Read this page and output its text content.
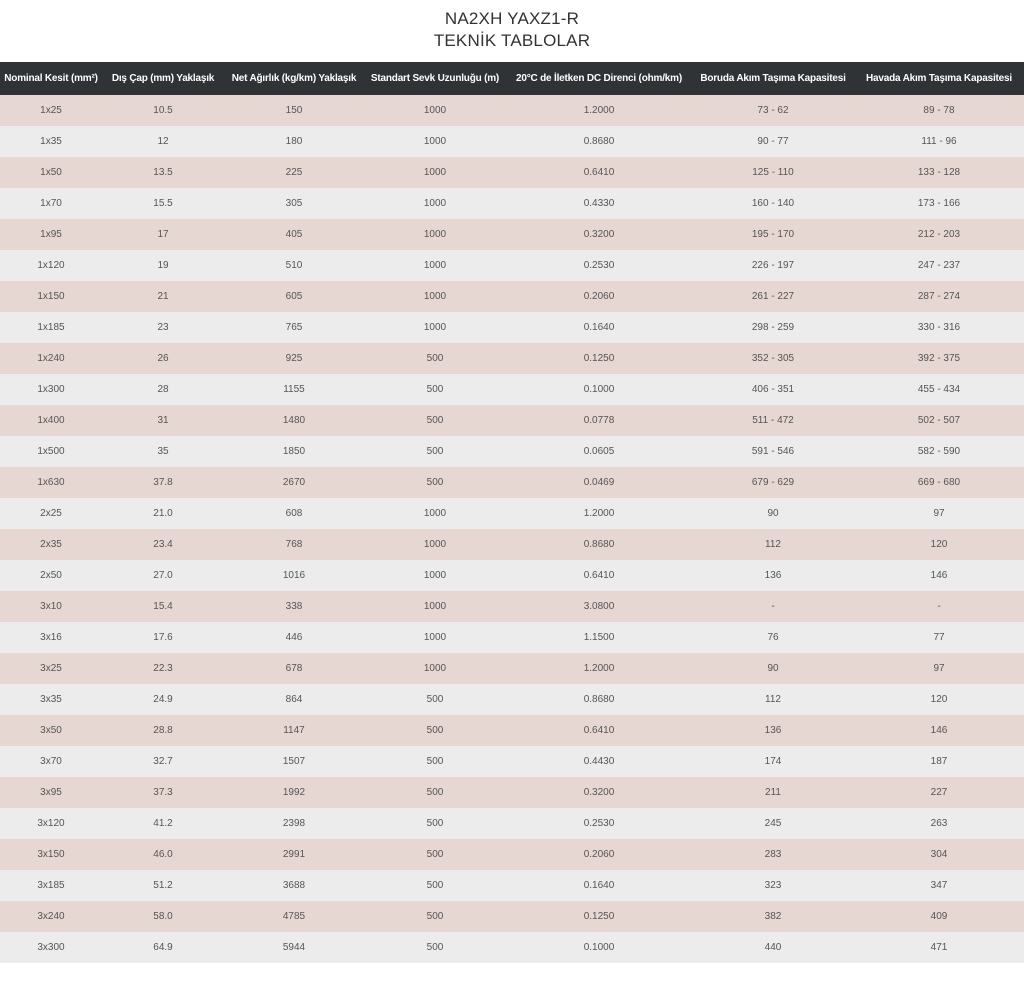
NA2XH YAXZ1-R
TEKNİK TABLOLAR
Nominal Kesit (mm²)	Dış Çap (mm) Yaklaşık	Net Ağırlık (kg/km) Yaklaşık	Standart Sevk Uzunluğu (m)	20°C de İletken DC Direnci (ohm/km)	Boruda Akım Taşıma Kapasitesi	Havada Akım Taşıma Kapasitesi
1x25	10.5	150	1000	1.2000	73 - 62	89 - 78
1x35	12	180	1000	0.8680	90 - 77	111 - 96
1x50	13.5	225	1000	0.6410	125 - 110	133 - 128
1x70	15.5	305	1000	0.4330	160 - 140	173 - 166
1x95	17	405	1000	0.3200	195 - 170	212 - 203
1x120	19	510	1000	0.2530	226 - 197	247 - 237
1x150	21	605	1000	0.2060	261 - 227	287 - 274
1x185	23	765	1000	0.1640	298 - 259	330 - 316
1x240	26	925	500	0.1250	352 - 305	392 - 375
1x300	28	1155	500	0.1000	406 - 351	455 - 434
1x400	31	1480	500	0.0778	511 - 472	502 - 507
1x500	35	1850	500	0.0605	591 - 546	582 - 590
1x630	37.8	2670	500	0.0469	679 - 629	669 - 680
2x25	21.0	608	1000	1.2000	90	97
2x35	23.4	768	1000	0.8680	112	120
2x50	27.0	1016	1000	0.6410	136	146
3x10	15.4	338	1000	3.0800	-	-
3x16	17.6	446	1000	1.1500	76	77
3x25	22.3	678	1000	1.2000	90	97
3x35	24.9	864	500	0.8680	112	120
3x50	28.8	1147	500	0.6410	136	146
3x70	32.7	1507	500	0.4430	174	187
3x95	37.3	1992	500	0.3200	211	227
3x120	41.2	2398	500	0.2530	245	263
3x150	46.0	2991	500	0.2060	283	304
3x185	51.2	3688	500	0.1640	323	347
3x240	58.0	4785	500	0.1250	382	409
3x300	64.9	5944	500	0.1000	440	471
